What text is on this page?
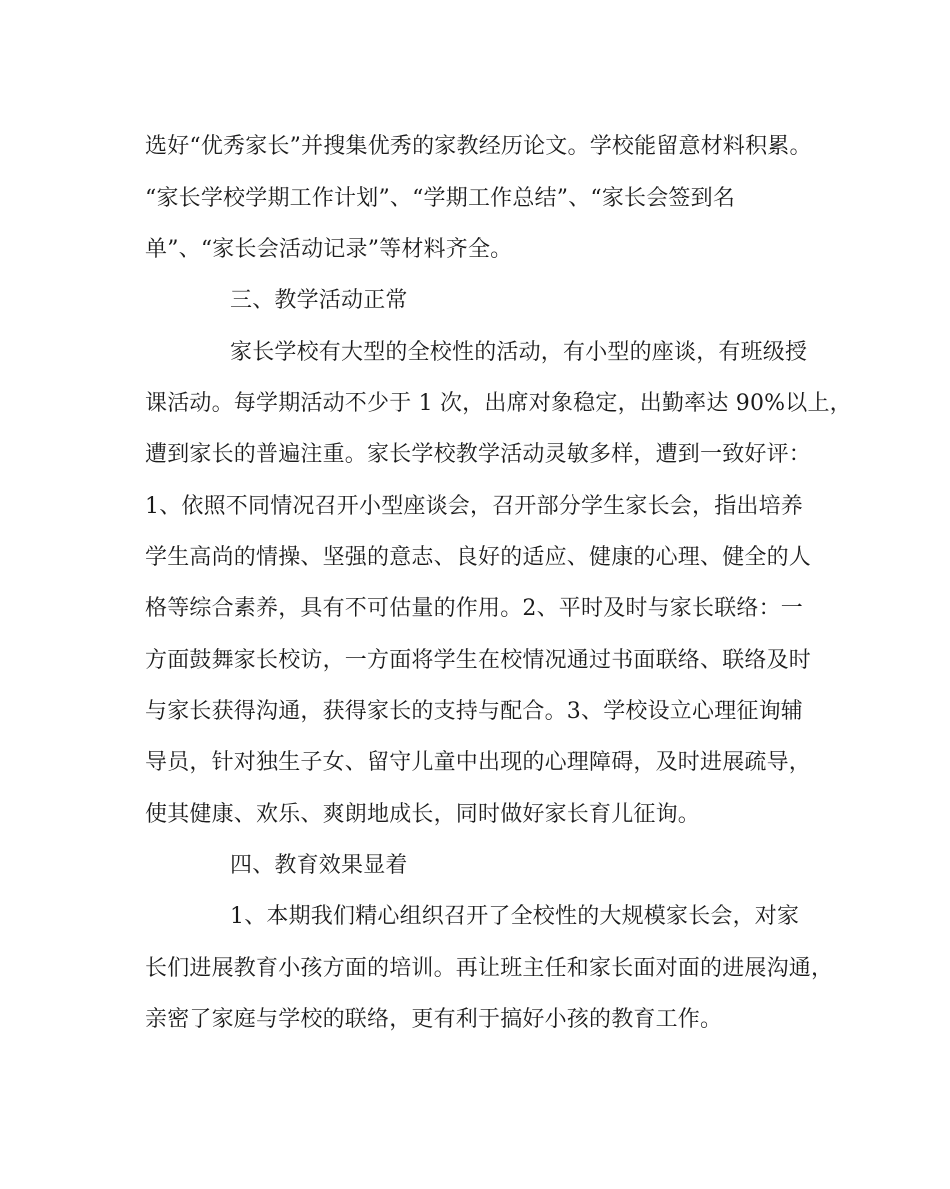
选好“优秀家长”并搜集优秀的家教经历论文。学校能留意材料积累。
“家长学校学期工作计划”、“学期工作总结”、“家长会签到名
单”、“家长会活动记录”等材料齐全。
三、教学活动正常
家长学校有大型的全校性的活动，有小型的座谈，有班级授
课活动。每学期活动不少于 1 次，出席对象稳定，出勤率达 90%以上，
遭到家长的普遍注重。家长学校教学活动灵敏多样，遭到一致好评：
1、依照不同情况召开小型座谈会，召开部分学生家长会，指出培养
学生高尚的情操、坚强的意志、良好的适应、健康的心理、健全的人
格等综合素养，具有不可估量的作用。2、平时及时与家长联络：一
方面鼓舞家长校访，一方面将学生在校情况通过书面联络、联络及时
与家长获得沟通，获得家长的支持与配合。3、学校设立心理征询辅
导员，针对独生子女、留守儿童中出现的心理障碍，及时进展疏导，
使其健康、欢乐、爽朗地成长，同时做好家长育儿征询。
四、教育效果显着
1、本期我们精心组织召开了全校性的大规模家长会，对家
长们进展教育小孩方面的培训。再让班主任和家长面对面的进展沟通，
亲密了家庭与学校的联络，更有利于搞好小孩的教育工作。
